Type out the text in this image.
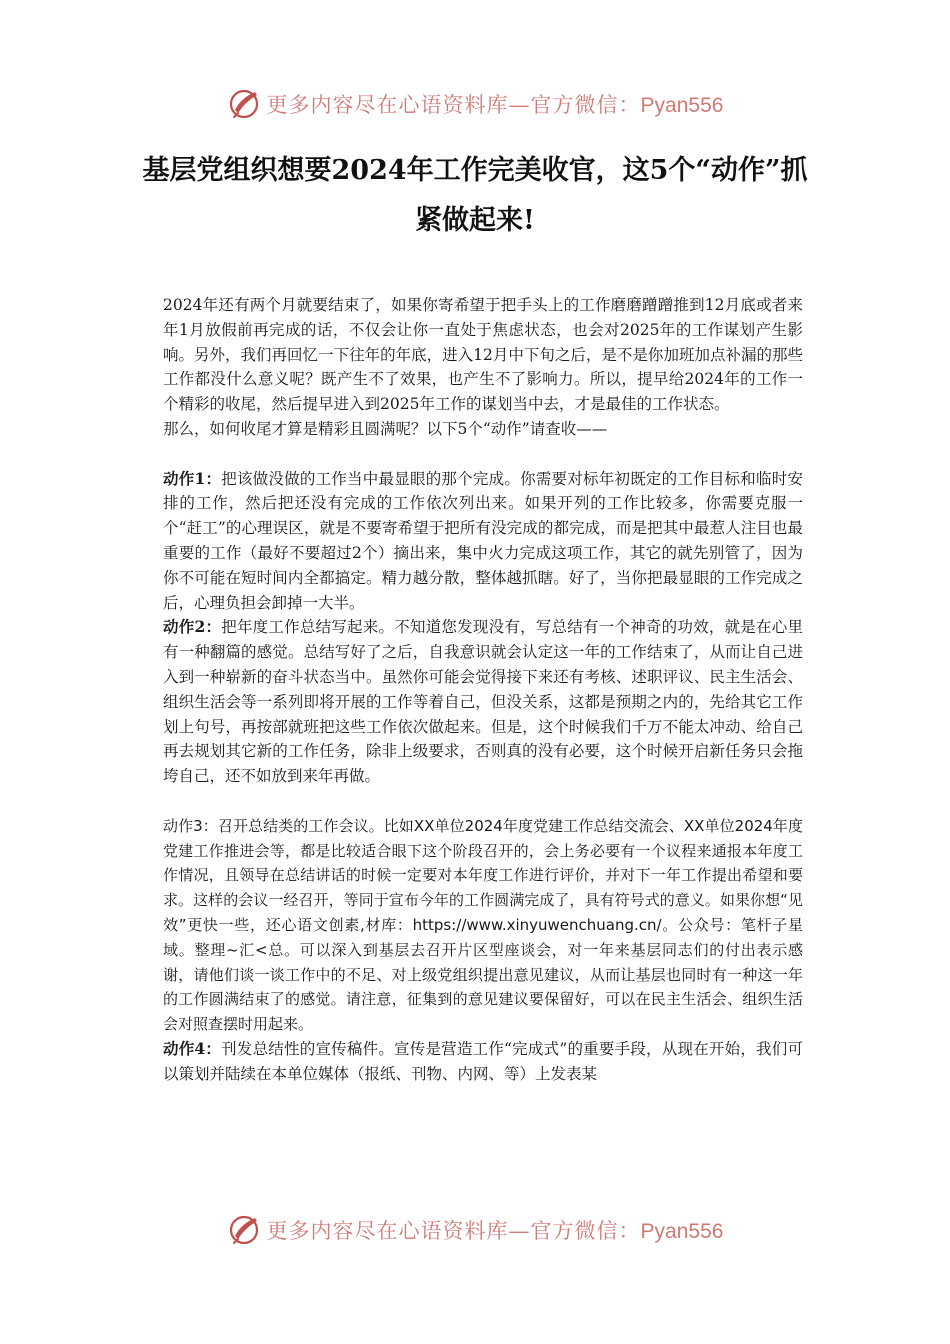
更多内容尽在心语资料库—官方微信：Pyan556
基层党组织想要2024年工作完美收官，这5个“动作”抓紧做起来!

2024年还有两个月就要结束了，如果你寄希望于把手头上的工作磨磨蹭蹭推到12月底或者来年1月放假前再完成的话，不仅会让你一直处于焦虑状态，也会对2025年的工作谋划产生影响。另外，我们再回忆一下往年的年底，进入12月中下旬之后，是不是你加班加点补漏的那些工作都没什么意义呢？既产生不了效果，也产生不了影响力。所以，提早给2024年的工作一个精彩的收尾，然后提早进入到2025年工作的谋划当中去，才是最佳的工作状态。

那么，如何收尾才算是精彩且圆满呢？以下5个“动作”请查收——

动作1：把该做没做的工作当中最显眼的那个完成。你需要对标年初既定的工作目标和临时安排的工作，然后把还没有完成的工作依次列出来。如果开列的工作比较多，你需要克服一个“赶工”的心理误区，就是不要寄希望于把所有没完成的都完成，而是把其中最惹人注目也最重要的工作（最好不要超过2个）摘出来，集中火力完成这项工作，其它的就先别管了，因为你不可能在短时间内全都搞定。精力越分散，整体越抓瞎。好了，当你把最显眼的工作完成之后，心理负担会卸掉一大半。

动作2：把年度工作总结写起来。不知道您发现没有，写总结有一个神奇的功效，就是在心里有一种翻篇的感觉。总结写好了之后，自我意识就会认定这一年的工作结束了，从而让自己进入到一种崭新的奋斗状态当中。虽然你可能会觉得接下来还有考核、述职评议、民主生活会、组织生活会等一系列即将开展的工作等着自己，但没关系，这都是预期之内的，先给其它工作划上句号，再按部就班把这些工作依次做起来。但是，这个时候我们千万不能太冲动、给自己再去规划其它新的工作任务，除非上级要求，否则真的没有必要，这个时候开启新任务只会拖垮自己，还不如放到来年再做。

动作3：召开总结类的工作会议。比如XX单位2024年度党建工作总结交流会、XX单位2024年度党建工作推进会等，都是比较适合眼下这个阶段召开的，会上务必要有一个议程来通报本年度工作情况，且领导在总结讲话的时候一定要对本年度工作进行评价，并对下一年工作提出希望和要求。这样的会议一经召开，等同于宣布今年的工作圆满完成了，具有符号式的意义。如果你想“见效”更快一些，还心语文创素,材库：https://www.xinyuwenchuang.cn/。公众号：笔杆子星域。整理~汇<总。可以深入到基层去召开片区型座谈会，对一年来基层同志们的付出表示感谢，请他们谈一谈工作中的不足、对上级党组织提出意见建议，从而让基层也同时有一种这一年的工作圆满结束了的感觉。请注意，征集到的意见建议要保留好，可以在民主生活会、组织生活会对照查摆时用起来。

动作4：刊发总结性的宣传稿件。宣传是营造工作“完成式”的重要手段，从现在开始，我们可以策划并陆续在本单位媒体（报纸、刊物、内网、等）上发表某

更多内容尽在心语资料库—官方微信：Pyan556
